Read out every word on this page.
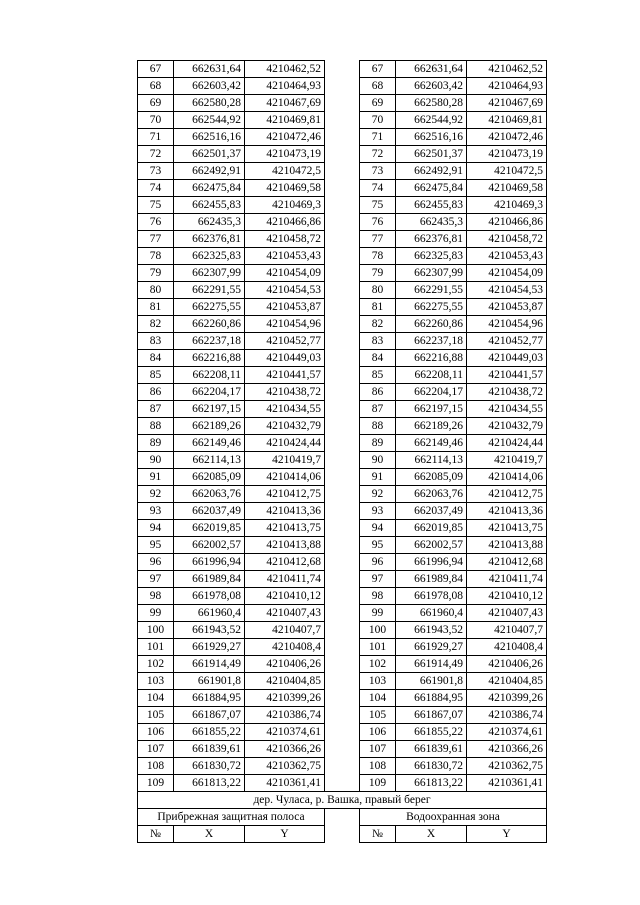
67	662631,64	4210462,52		67	662631,64	4210462,52
68	662603,42	4210464,93		68	662603,42	4210464,93
69	662580,28	4210467,69		69	662580,28	4210467,69
70	662544,92	4210469,81		70	662544,92	4210469,81
71	662516,16	4210472,46		71	662516,16	4210472,46
72	662501,37	4210473,19		72	662501,37	4210473,19
73	662492,91	4210472,5		73	662492,91	4210472,5
74	662475,84	4210469,58		74	662475,84	4210469,58
75	662455,83	4210469,3		75	662455,83	4210469,3
76	662435,3	4210466,86		76	662435,3	4210466,86
77	662376,81	4210458,72		77	662376,81	4210458,72
78	662325,83	4210453,43		78	662325,83	4210453,43
79	662307,99	4210454,09		79	662307,99	4210454,09
80	662291,55	4210454,53		80	662291,55	4210454,53
81	662275,55	4210453,87		81	662275,55	4210453,87
82	662260,86	4210454,96		82	662260,86	4210454,96
83	662237,18	4210452,77		83	662237,18	4210452,77
84	662216,88	4210449,03		84	662216,88	4210449,03
85	662208,11	4210441,57		85	662208,11	4210441,57
86	662204,17	4210438,72		86	662204,17	4210438,72
87	662197,15	4210434,55		87	662197,15	4210434,55
88	662189,26	4210432,79		88	662189,26	4210432,79
89	662149,46	4210424,44		89	662149,46	4210424,44
90	662114,13	4210419,7		90	662114,13	4210419,7
91	662085,09	4210414,06		91	662085,09	4210414,06
92	662063,76	4210412,75		92	662063,76	4210412,75
93	662037,49	4210413,36		93	662037,49	4210413,36
94	662019,85	4210413,75		94	662019,85	4210413,75
95	662002,57	4210413,88		95	662002,57	4210413,88
96	661996,94	4210412,68		96	661996,94	4210412,68
97	661989,84	4210411,74		97	661989,84	4210411,74
98	661978,08	4210410,12		98	661978,08	4210410,12
99	661960,4	4210407,43		99	661960,4	4210407,43
100	661943,52	4210407,7		100	661943,52	4210407,7
101	661929,27	4210408,4		101	661929,27	4210408,4
102	661914,49	4210406,26		102	661914,49	4210406,26
103	661901,8	4210404,85		103	661901,8	4210404,85
104	661884,95	4210399,26		104	661884,95	4210399,26
105	661867,07	4210386,74		105	661867,07	4210386,74
106	661855,22	4210374,61		106	661855,22	4210374,61
107	661839,61	4210366,26		107	661839,61	4210366,26
108	661830,72	4210362,75		108	661830,72	4210362,75
109	661813,22	4210361,41		109	661813,22	4210361,41
дер. Чуласа, р. Вашка, правый берег						
Прибрежная защитная полоса				Водоохранная зона		
№	X	Y		№	X	Y
